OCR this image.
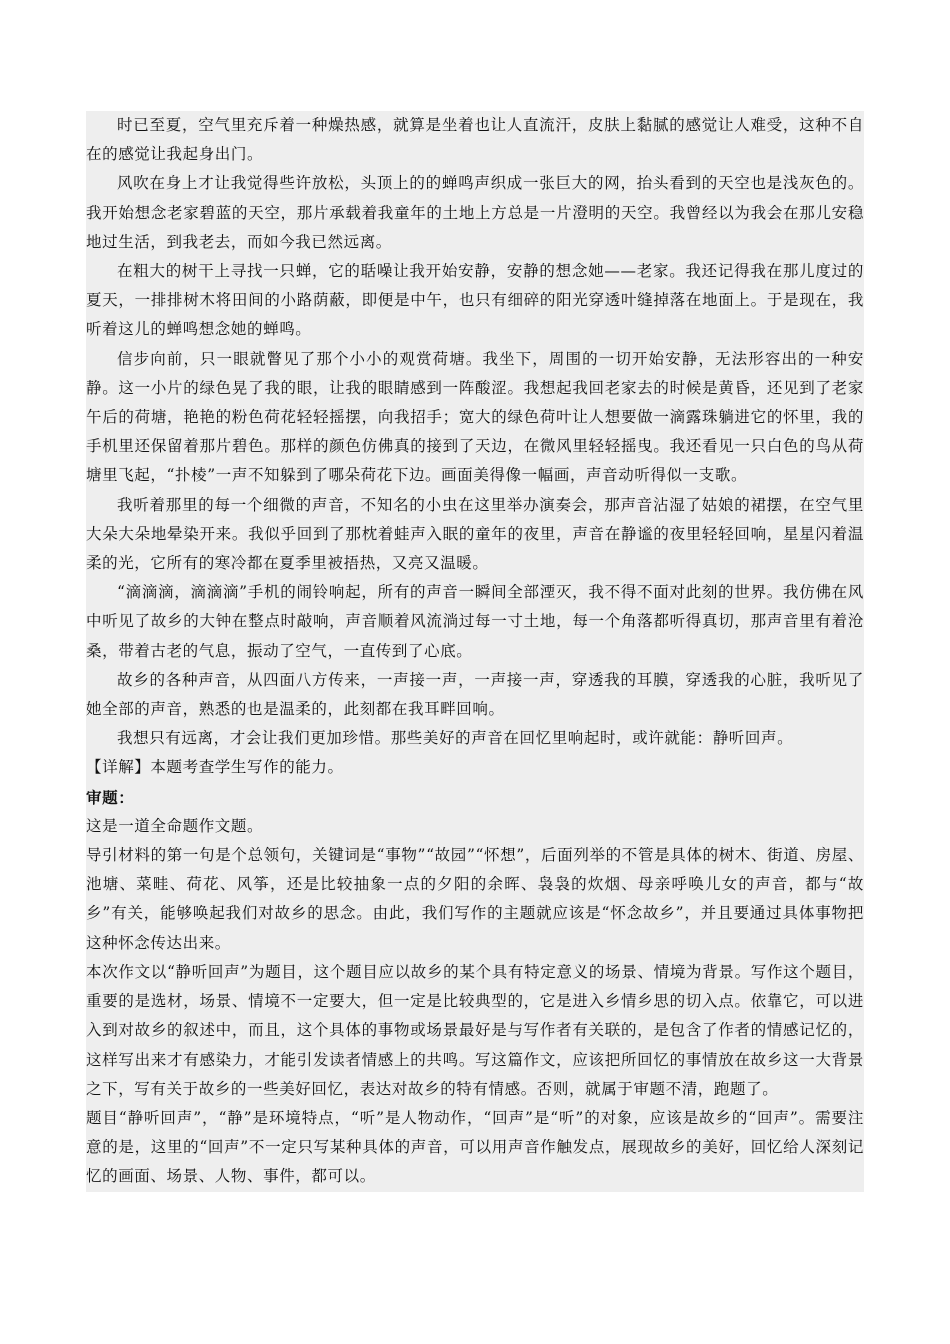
时已至夏，空气里充斥着一种燥热感，就算是坐着也让人直流汗，皮肤上黏腻的感觉让人难受，这种不自在的感觉让我起身出门。

风吹在身上才让我觉得些许放松，头顶上的的蝉鸣声织成一张巨大的网，抬头看到的天空也是浅灰色的。我开始想念老家碧蓝的天空，那片承载着我童年的土地上方总是一片澄明的天空。我曾经以为我会在那儿安稳地过生活，到我老去，而如今我已然远离。

在粗大的树干上寻找一只蝉，它的聒噪让我开始安静，安静的想念她——老家。我还记得我在那儿度过的夏天，一排排树木将田间的小路荫蔽，即便是中午，也只有细碎的阳光穿透叶缝掉落在地面上。于是现在，我听着这儿的蝉鸣想念她的蝉鸣。

信步向前，只一眼就瞥见了那个小小的观赏荷塘。我坐下，周围的一切开始安静，无法形容出的一种安静。这一小片的绿色晃了我的眼，让我的眼睛感到一阵酸涩。我想起我回老家去的时候是黄昏，还见到了老家午后的荷塘，艳艳的粉色荷花轻轻摇摆，向我招手；宽大的绿色荷叶让人想要做一滴露珠躺进它的怀里，我的手机里还保留着那片碧色。那样的颜色仿佛真的接到了天边，在微风里轻轻摇曳。我还看见一只白色的鸟从荷塘里飞起，“扑棱”一声不知躲到了哪朵荷花下边。画面美得像一幅画，声音动听得似一支歌。

我听着那里的每一个细微的声音，不知名的小虫在这里举办演奏会，那声音沾湿了姑娘的裙摆，在空气里大朵大朵地晕染开来。我似乎回到了那枕着蛙声入眠的童年的夜里，声音在静谧的夜里轻轻回响，星星闪着温柔的光，它所有的寒冷都在夏季里被捂热，又亮又温暖。

“滴滴滴，滴滴滴”手机的闹铃响起，所有的声音一瞬间全部湮灭，我不得不面对此刻的世界。我仿佛在风中听见了故乡的大钟在整点时敲响，声音顺着风流淌过每一寸土地，每一个角落都听得真切，那声音里有着沧桑，带着古老的气息，振动了空气，一直传到了心底。

故乡的各种声音，从四面八方传来，一声接一声，一声接一声，穿透我的耳膜，穿透我的心脏，我听见了她全部的声音，熟悉的也是温柔的，此刻都在我耳畔回响。

我想只有远离，才会让我们更加珍惜。那些美好的声音在回忆里响起时，或许就能：静听回声。

【详解】本题考查学生写作的能力。

审题：

这是一道全命题作文题。

导引材料的第一句是个总领句，关键词是“事物”“故园”“怀想”，后面列举的不管是具体的树木、街道、房屋、池塘、菜畦、荷花、风筝，还是比较抽象一点的夕阳的余晖、袅袅的炊烟、母亲呼唤儿女的声音，都与“故乡”有关，能够唤起我们对故乡的思念。由此，我们写作的主题就应该是“怀念故乡”，并且要通过具体事物把这种怀念传达出来。

本次作文以“静听回声”为题目，这个题目应以故乡的某个具有特定意义的场景、情境为背景。写作这个题目，重要的是选材，场景、情境不一定要大，但一定是比较典型的，它是进入乡情乡思的切入点。依靠它，可以进入到对故乡的叙述中，而且，这个具体的事物或场景最好是与写作者有关联的，是包含了作者的情感记忆的，这样写出来才有感染力，才能引发读者情感上的共鸣。写这篇作文，应该把所回忆的事情放在故乡这一大背景之下，写有关于故乡的一些美好回忆，表达对故乡的特有情感。否则，就属于审题不清，跑题了。

题目“静听回声”，“静”是环境特点，“听”是人物动作，“回声”是“听”的对象，应该是故乡的“回声”。需要注意的是，这里的“回声”不一定只写某种具体的声音，可以用声音作触发点，展现故乡的美好，回忆给人深刻记忆的画面、场景、人物、事件，都可以。
